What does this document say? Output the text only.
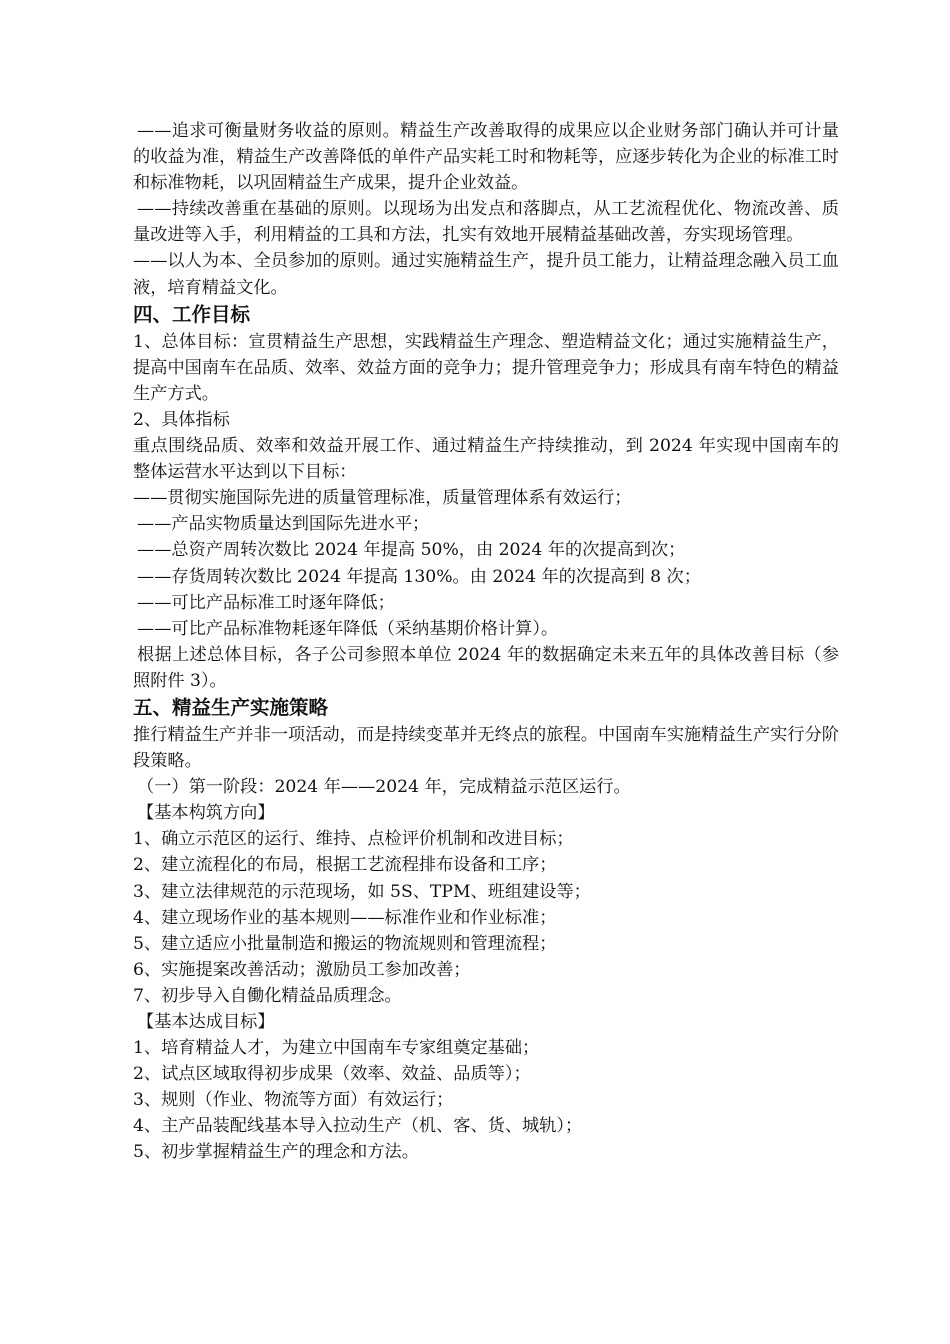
——追求可衡量财务收益的原则。精益生产改善取得的成果应以企业财务部门确认并可计量的收益为准，精益生产改善降低的单件产品实耗工时和物耗等，应逐步转化为企业的标准工时和标准物耗，以巩固精益生产成果，提升企业效益。

——持续改善重在基础的原则。以现场为出发点和落脚点，从工艺流程优化、物流改善、质量改进等入手，利用精益的工具和方法，扎实有效地开展精益基础改善，夯实现场管理。

——以人为本、全员参加的原则。通过实施精益生产，提升员工能力，让精益理念融入员工血液，培育精益文化。

四、工作目标

1、总体目标：宣贯精益生产思想，实践精益生产理念、塑造精益文化；通过实施精益生产，提高中国南车在品质、效率、效益方面的竞争力；提升管理竞争力；形成具有南车特色的精益生产方式。

2、具体指标

重点围绕品质、效率和效益开展工作、通过精益生产持续推动，到 2024 年实现中国南车的整体运营水平达到以下目标：

——贯彻实施国际先进的质量管理标准，质量管理体系有效运行；

——产品实物质量达到国际先进水平；

——总资产周转次数比 2024 年提高 50%，由 2024 年的次提高到次；

——存货周转次数比 2024 年提高 130%。由 2024 年的次提高到 8 次；

——可比产品标准工时逐年降低；

——可比产品标准物耗逐年降低（采纳基期价格计算）。

根据上述总体目标，各子公司参照本单位 2024 年的数据确定未来五年的具体改善目标（参照附件 3）。

五、精益生产实施策略

推行精益生产并非一项活动，而是持续变革并无终点的旅程。中国南车实施精益生产实行分阶段策略。

（一）第一阶段：2024 年——2024 年，完成精益示范区运行。

【基本构筑方向】

1、确立示范区的运行、维持、点检评价机制和改进目标；

2、建立流程化的布局，根据工艺流程排布设备和工序；

3、建立法律规范的示范现场，如 5S、TPM、班组建设等；

4、建立现场作业的基本规则——标准作业和作业标准；

5、建立适应小批量制造和搬运的物流规则和管理流程；

6、实施提案改善活动；激励员工参加改善；

7、初步导入自働化精益品质理念。

【基本达成目标】

1、培育精益人才，为建立中国南车专家组奠定基础；

2、试点区域取得初步成果（效率、效益、品质等）；

3、规则（作业、物流等方面）有效运行；

4、主产品装配线基本导入拉动生产（机、客、货、城轨）；

5、初步掌握精益生产的理念和方法。
